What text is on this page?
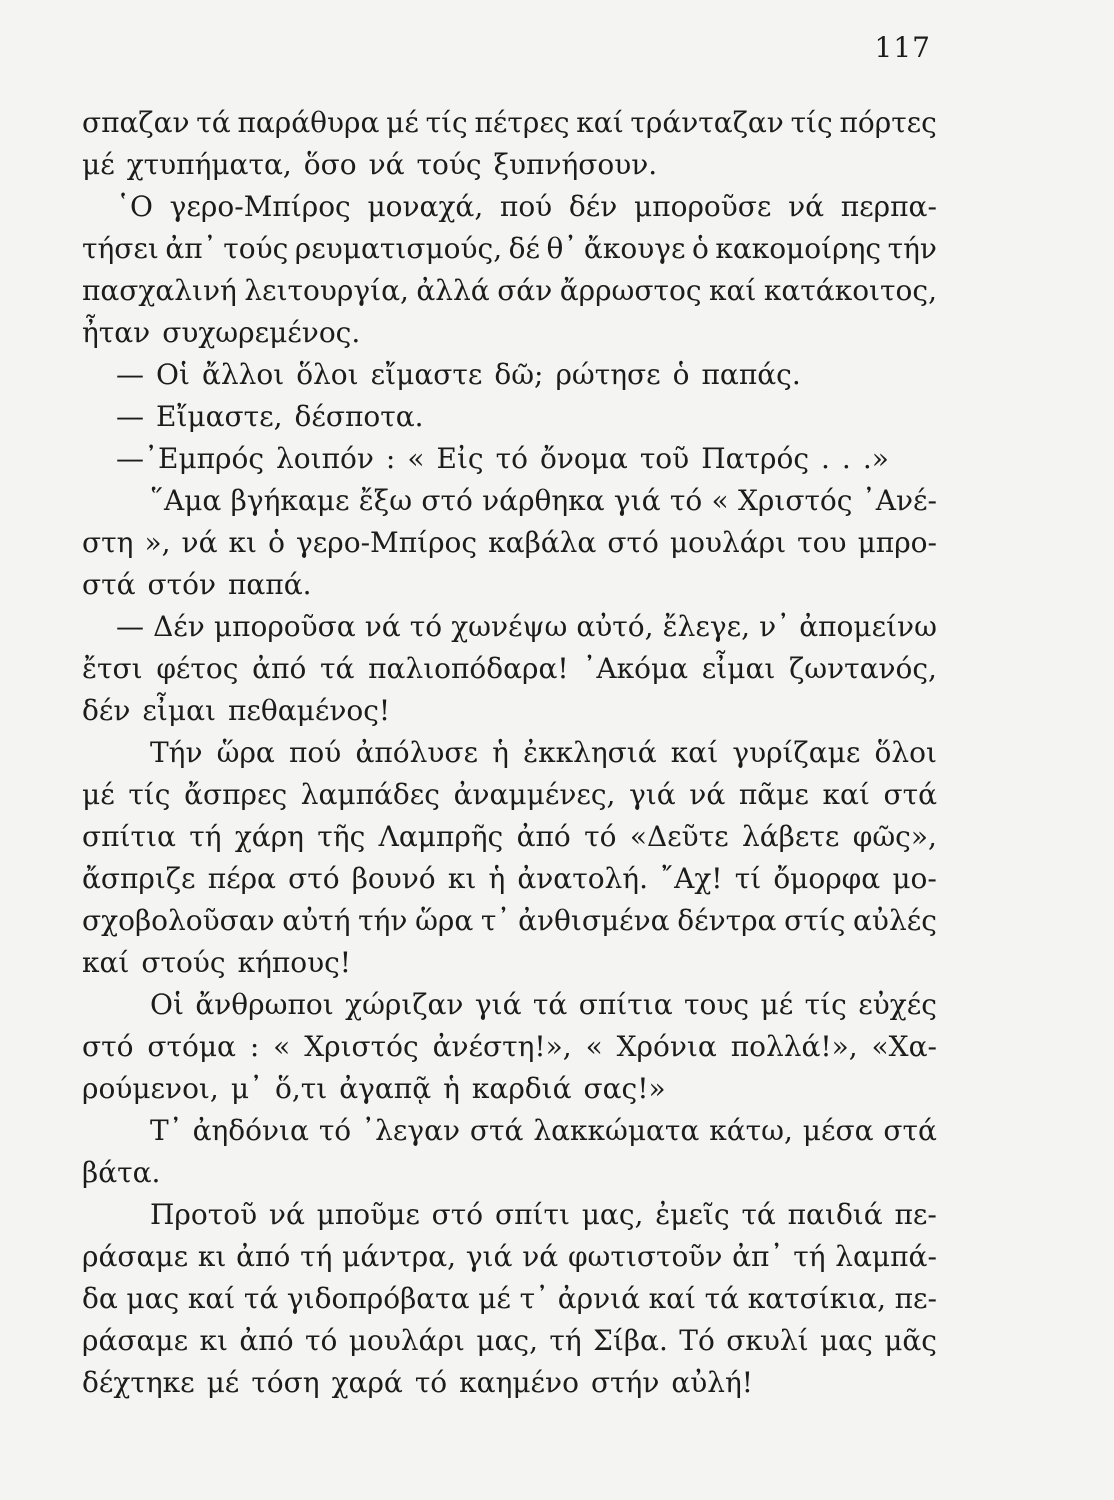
117
σπαζαν τά παράθυρα μέ τίς πέτρες καί τράνταζαν τίς πόρτες
μέ χτυπήματα, ὅσο νά τούς ξυπνήσουν.
῾Ο γερο-Μπίρος μοναχά, πού δέν μποροῦσε νά περπα-
τήσει ἀπ᾿ τούς ρευματισμούς, δέ θ᾿ ἄκουγε ὁ κακομοίρης τήν
πασχαλινή λειτουργία, ἀλλά σάν ἄρρωστος καί κατάκοιτος,
ἦταν συχωρεμένος.
— Οἱ ἄλλοι ὅλοι εἴμαστε δῶ; ρώτησε ὁ παπάς.
— Εἴμαστε, δέσποτα.
—᾿Εμπρός λοιπόν : « Εἰς τό ὄνομα τοῦ Πατρός . . .»
῞Αμα βγήκαμε ἔξω στό νάρθηκα γιά τό « Χριστός ᾿Ανέ-
στη », νά κι ὁ γερο-Μπίρος καβάλα στό μουλάρι του μπρο-
στά στόν παπά.
— Δέν μποροῦσα νά τό χωνέψω αὐτό, ἔλεγε, ν᾿ ἀπομείνω
ἔτσι φέτος ἀπό τά παλιοπόδαρα! ᾿Ακόμα εἶμαι ζωντανός,
δέν εἶμαι πεθαμένος!
Τήν ὥρα πού ἀπόλυσε ἡ ἐκκλησιά καί γυρίζαμε ὅλοι
μέ τίς ἄσπρες λαμπάδες ἀναμμένες, γιά νά πᾶμε καί στά
σπίτια τή χάρη τῆς Λαμπρῆς ἀπό τό «Δεῦτε λάβετε φῶς»,
ἄσπριζε πέρα στό βουνό κι ἡ ἀνατολή. ῎Αχ! τί ὄμορφα μο-
σχοβολοῦσαν αὐτή τήν ὥρα τ᾿ ἀνθισμένα δέντρα στίς αὐλές
καί στούς κήπους!
Οἱ ἄνθρωποι χώριζαν γιά τά σπίτια τους μέ τίς εὐχές
στό στόμα : « Χριστός ἀνέστη!», « Χρόνια πολλά!», «Χα-
ρούμενοι, μ᾿ ὅ,τι ἀγαπᾷ ἡ καρδιά σας!»
Τ᾿ ἀηδόνια τό ᾿λεγαν στά λακκώματα κάτω, μέσα στά
βάτα.
Προτοῦ νά μποῦμε στό σπίτι μας, ἐμεῖς τά παιδιά πε-
ράσαμε κι ἀπό τή μάντρα, γιά νά φωτιστοῦν ἀπ᾿ τή λαμπά-
δα μας καί τά γιδοπρόβατα μέ τ᾿ ἀρνιά καί τά κατσίκια, πε-
ράσαμε κι ἀπό τό μουλάρι μας, τή Σίβα. Τό σκυλί μας μᾶς
δέχτηκε μέ τόση χαρά τό καημένο στήν αὐλή!
